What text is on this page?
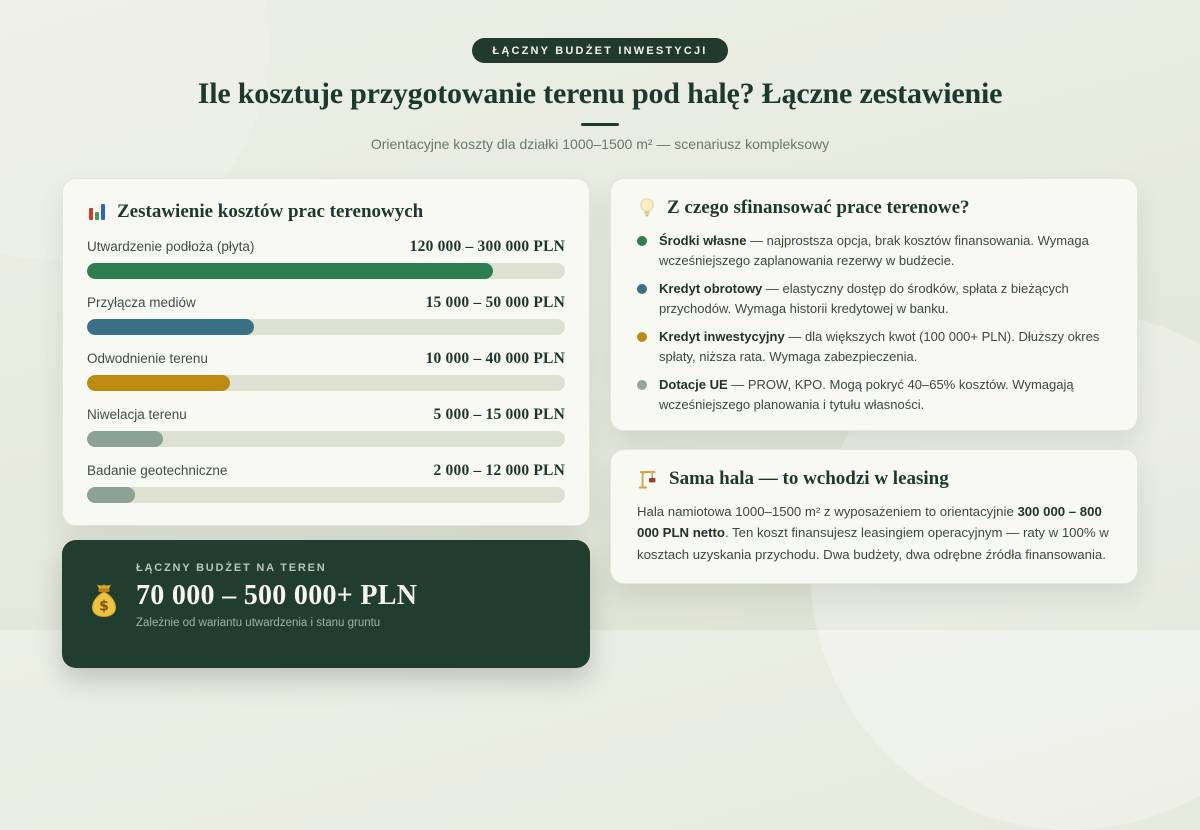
ŁĄCZNY BUDŻET INWESTYCJI
Ile kosztuje przygotowanie terenu pod halę? Łączne zestawienie

Orientacyjne koszty dla działki 1000–1500 m² — scenariusz kompleksowy

Zestawienie kosztów prac terenowych
Utwardzenie podłoża (płyta)	120 000 – 300 000 PLN
Przyłącza mediów	15 000 – 50 000 PLN
Odwodnienie terenu	10 000 – 40 000 PLN
Niwelacja terenu	5 000 – 15 000 PLN
Badanie geotechniczne	2 000 – 12 000 PLN
$
ŁĄCZNY BUDŻET NA TEREN
70 000 – 500 000+ PLN
Zależnie od wariantu utwardzenia i stanu gruntu
Z czego sfinansować prace terenowe?

Środki własne — najprostsza opcja, brak kosztów finansowania. Wymaga wcześniejszego zaplanowania rezerwy w budżecie.

Kredyt obrotowy — elastyczny dostęp do środków, spłata z bieżących przychodów. Wymaga historii kredytowej w banku.

Kredyt inwestycyjny — dla większych kwot (100 000+ PLN). Dłuższy okres spłaty, niższa rata. Wymaga zabezpieczenia.

Dotacje UE — PROW, KPO. Mogą pokryć 40–65% kosztów. Wymagają wcześniejszego planowania i tytułu własności.

Sama hala — to wchodzi w leasing

Hala namiotowa 1000–1500 m² z wyposażeniem to orientacyjnie 300 000 – 800 000 PLN netto. Ten koszt finansujesz leasingiem operacyjnym — raty w 100% w kosztach uzyskania przychodu. Dwa budżety, dwa odrębne źródła finansowania.
